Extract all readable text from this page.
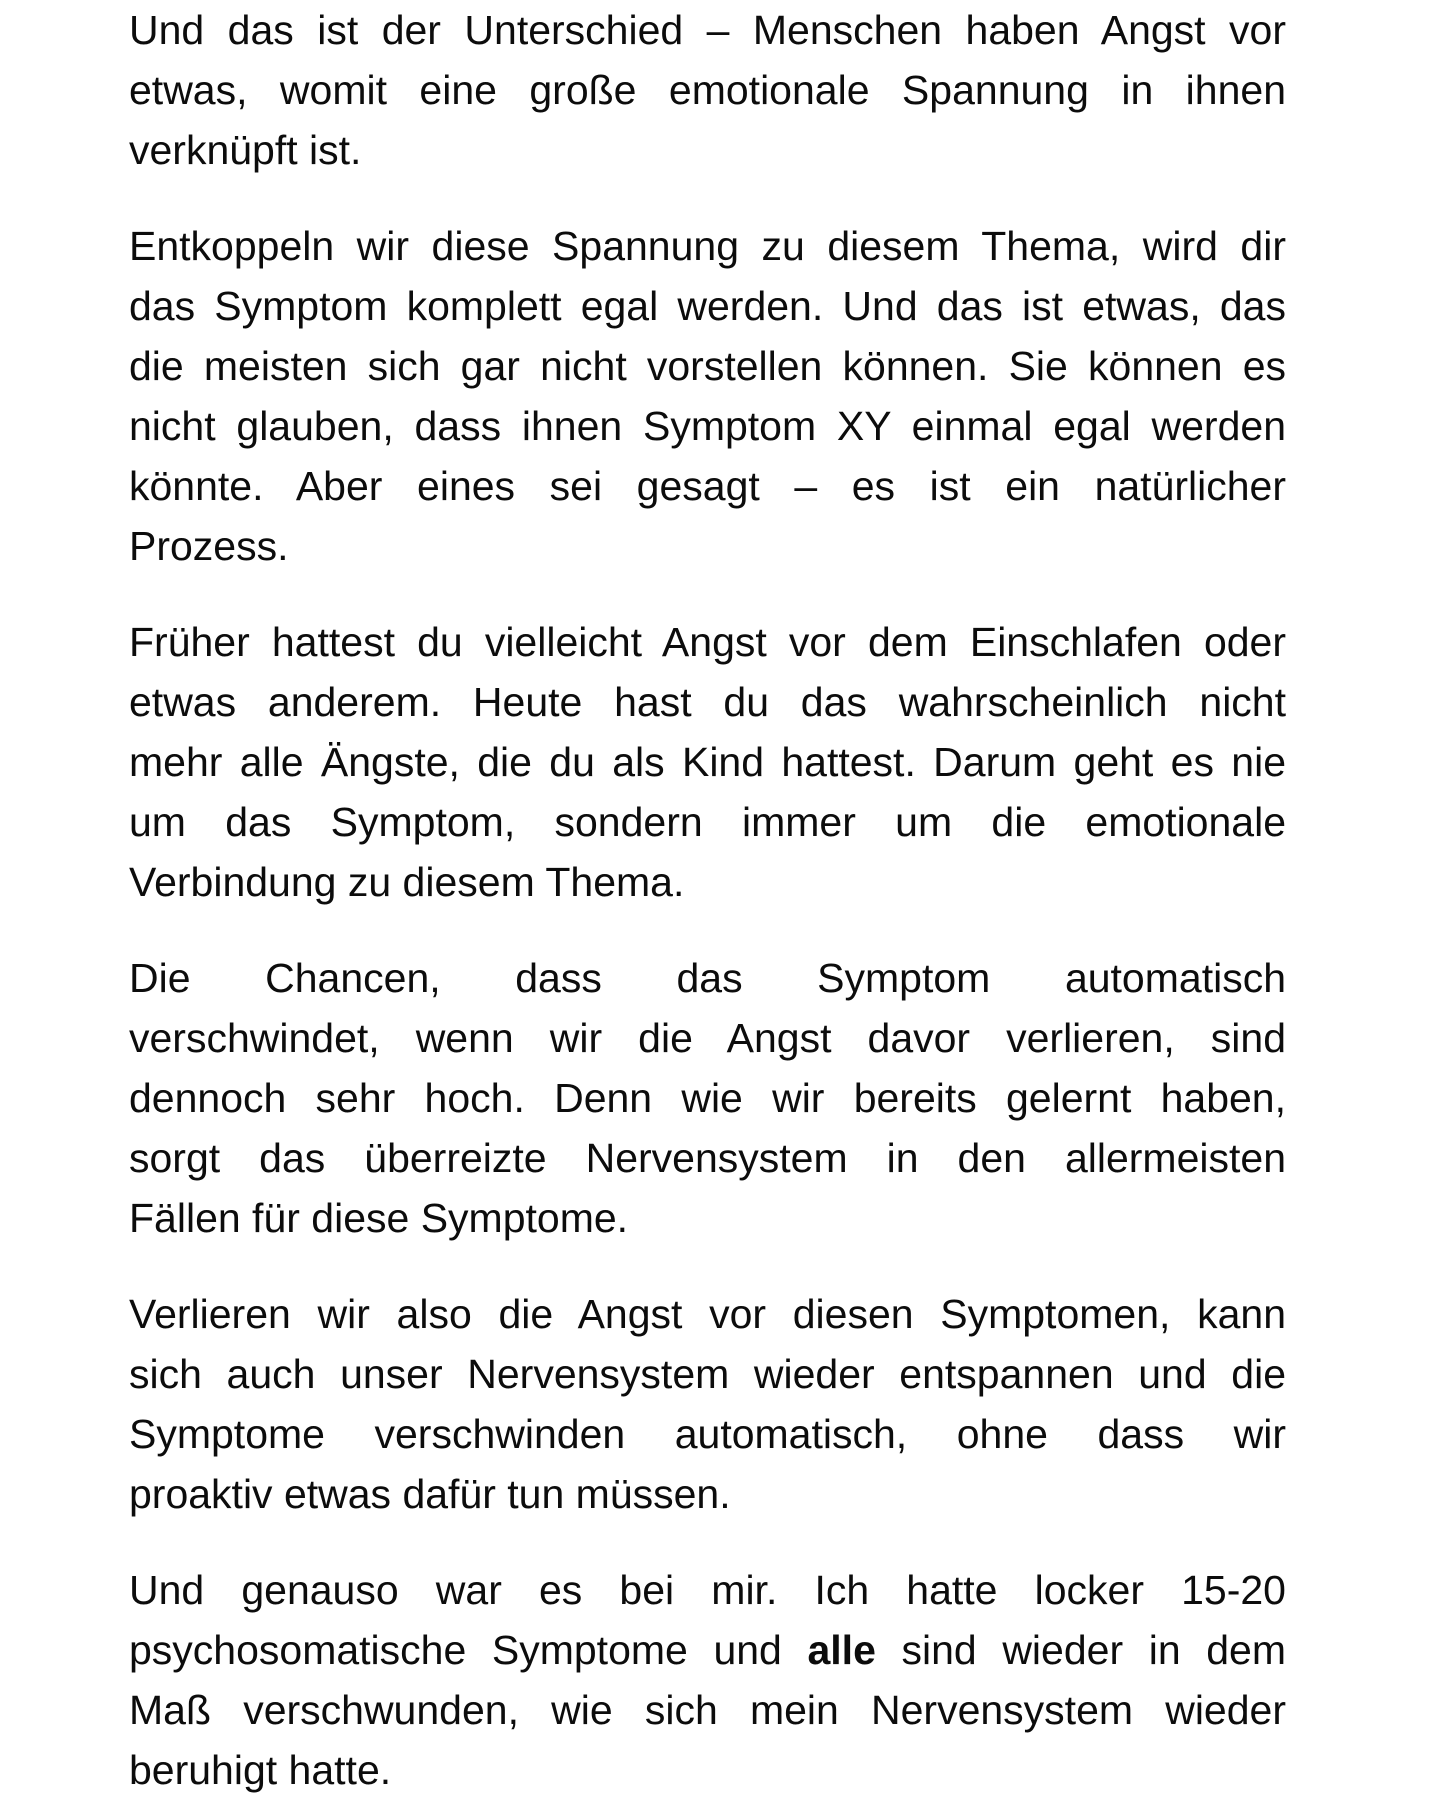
Und das ist der Unterschied – Menschen haben Angst vor
etwas, womit eine große emotionale Spannung in ihnen
verknüpft ist.
Entkoppeln wir diese Spannung zu diesem Thema, wird dir
das Symptom komplett egal werden. Und das ist etwas, das
die meisten sich gar nicht vorstellen können. Sie können es
nicht glauben, dass ihnen Symptom XY einmal egal werden
könnte. Aber eines sei gesagt – es ist ein natürlicher
Prozess.
Früher hattest du vielleicht Angst vor dem Einschlafen oder
etwas anderem. Heute hast du das wahrscheinlich nicht
mehr alle Ängste, die du als Kind hattest. Darum geht es nie
um das Symptom, sondern immer um die emotionale
Verbindung zu diesem Thema.
Die Chancen, dass das Symptom automatisch
verschwindet, wenn wir die Angst davor verlieren, sind
dennoch sehr hoch. Denn wie wir bereits gelernt haben,
sorgt das überreizte Nervensystem in den allermeisten
Fällen für diese Symptome.
Verlieren wir also die Angst vor diesen Symptomen, kann
sich auch unser Nervensystem wieder entspannen und die
Symptome verschwinden automatisch, ohne dass wir
proaktiv etwas dafür tun müssen.
Und genauso war es bei mir. Ich hatte locker 15-20
psychosomatische Symptome und alle sind wieder in dem
Maß verschwunden, wie sich mein Nervensystem wieder
beruhigt hatte.
